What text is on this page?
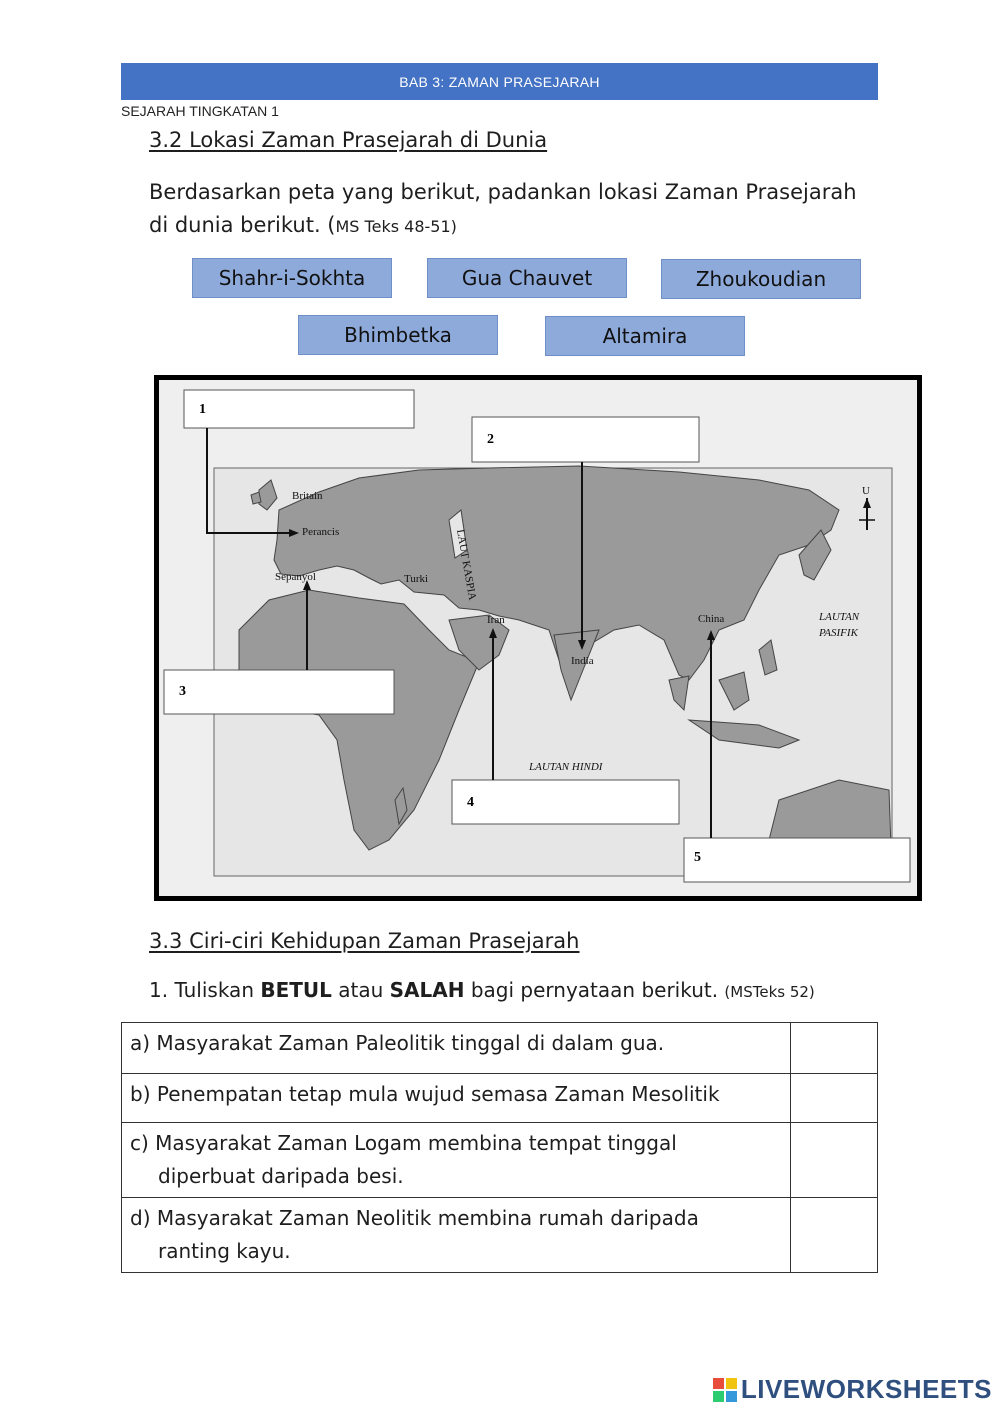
BAB 3: ZAMAN PRASEJARAH
SEJARAH TINGKATAN 1
3.2 Lokasi Zaman Prasejarah di Dunia
Berdasarkan peta yang berikut, padankan lokasi Zaman Prasejarah
di dunia berikut. (MS Teks 48-51)
Shahr-i-Sokhta	Gua Chauvet	Zhoukoudian
Bhimbetka	Altamira
1
2
3
4
5
U
Britain
Perancis
Sepanyol	Turki LAUT KASPIA
Iran
India
China	LAUTAN
PASIFIK
LAUTAN HINDI
3.3 Ciri-ciri Kehidupan Zaman Prasejarah
1. Tuliskan BETUL atau SALAH bagi pernyataan berikut. (MSTeks 52)
a) Masyarakat Zaman Paleolitik tinggal di dalam gua.	
b) Penempatan tetap mula wujud semasa Zaman Mesolitik	
c) Masyarakat Zaman Logam membina tempat tinggal
diperbuat daripada besi.

d) Masyarakat Zaman Neolitik membina rumah daripada
ranting kayu.

LIVEWORKSHEETS
